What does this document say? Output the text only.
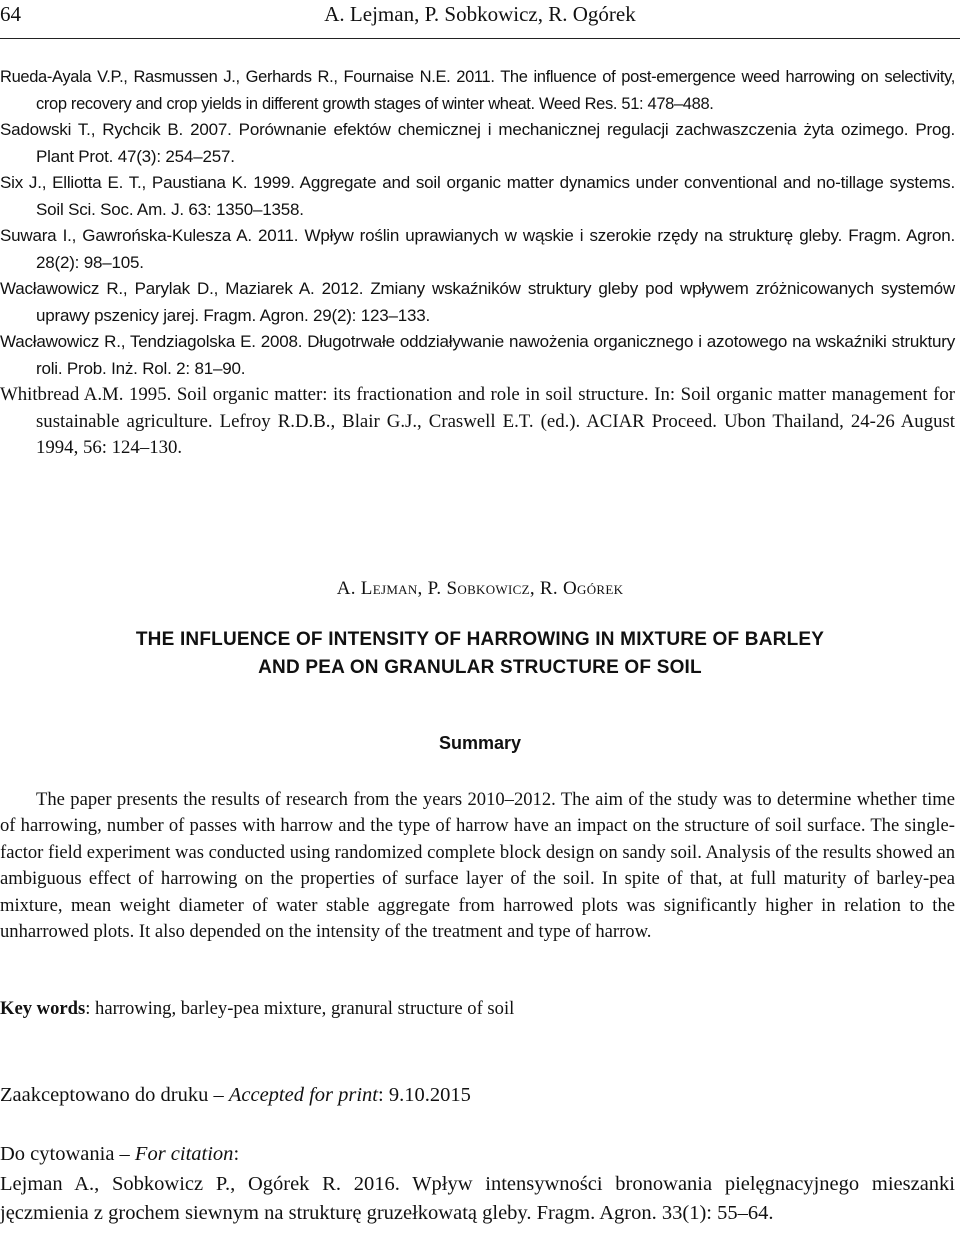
64	A. Lejman, P. Sobkowicz, R. Ogórek

Rueda-Ayala V.P., Rasmussen J., Gerhards R., Fournaise N.E. 2011. The influence of post-emergence weed harrowing on selectivity, crop recovery and crop yields in different growth stages of winter wheat. Weed Res. 51: 478–488.

Sadowski T., Rychcik B. 2007. Porównanie efektów chemicznej i mechanicznej regulacji zachwaszczenia żyta ozimego. Prog. Plant Prot. 47(3): 254–257.

Six J., Elliotta E. T., Paustiana K. 1999. Aggregate and soil organic matter dynamics under conventional and no-tillage systems. Soil Sci. Soc. Am. J. 63: 1350–1358.

Suwara I., Gawrońska-Kulesza A. 2011. Wpływ roślin uprawianych w wąskie i szerokie rzędy na strukturę gleby. Fragm. Agron. 28(2): 98–105.

Wacławowicz R., Parylak D., Maziarek A. 2012. Zmiany wskaźników struktury gleby pod wpływem zróżnicowanych systemów uprawy pszenicy jarej. Fragm. Agron. 29(2): 123–133.

Wacławowicz R., Tendziagolska E. 2008. Długotrwałe oddziaływanie nawożenia organicznego i azotowego na wskaźniki struktury roli. Prob. Inż. Rol. 2: 81–90.

Whitbread A.M. 1995. Soil organic matter: its fractionation and role in soil structure. In: Soil organic matter management for sustainable agriculture. Lefroy R.D.B., Blair G.J., Craswell E.T. (ed.). ACIAR Proceed. Ubon Thailand, 24-26 August 1994, 56: 124–130.

A. Lejman, P. Sobkowicz, R. Ogórek
THE INFLUENCE OF INTENSITY OF HARROWING IN MIXTURE OF BARLEY
AND PEA ON GRANULAR STRUCTURE OF SOIL
Summary

The paper presents the results of research from the years 2010–2012. The aim of the study was to determine whether time of harrowing, number of passes with harrow and the type of harrow have an impact on the structure of soil surface. The single-factor field experiment was conducted using randomized complete block design on sandy soil. Analysis of the results showed an ambiguous effect of harrowing on the properties of surface layer of the soil. In spite of that, at full maturity of barley-pea mixture, mean weight diameter of water stable aggregate from harrowed plots was significantly higher in relation to the unharrowed plots. It also depended on the intensity of the treatment and type of harrow.

Key words: harrowing, barley-pea mixture, granural structure of soil
Zaakceptowano do druku – Accepted for print: 9.10.2015
Do cytowania – For citation:

Lejman A., Sobkowicz P., Ogórek R. 2016. Wpływ intensywności bronowania pielęgnacyjnego mieszanki jęczmienia z grochem siewnym na strukturę gruzełkowatą gleby. Fragm. Agron. 33(1): 55–64.
